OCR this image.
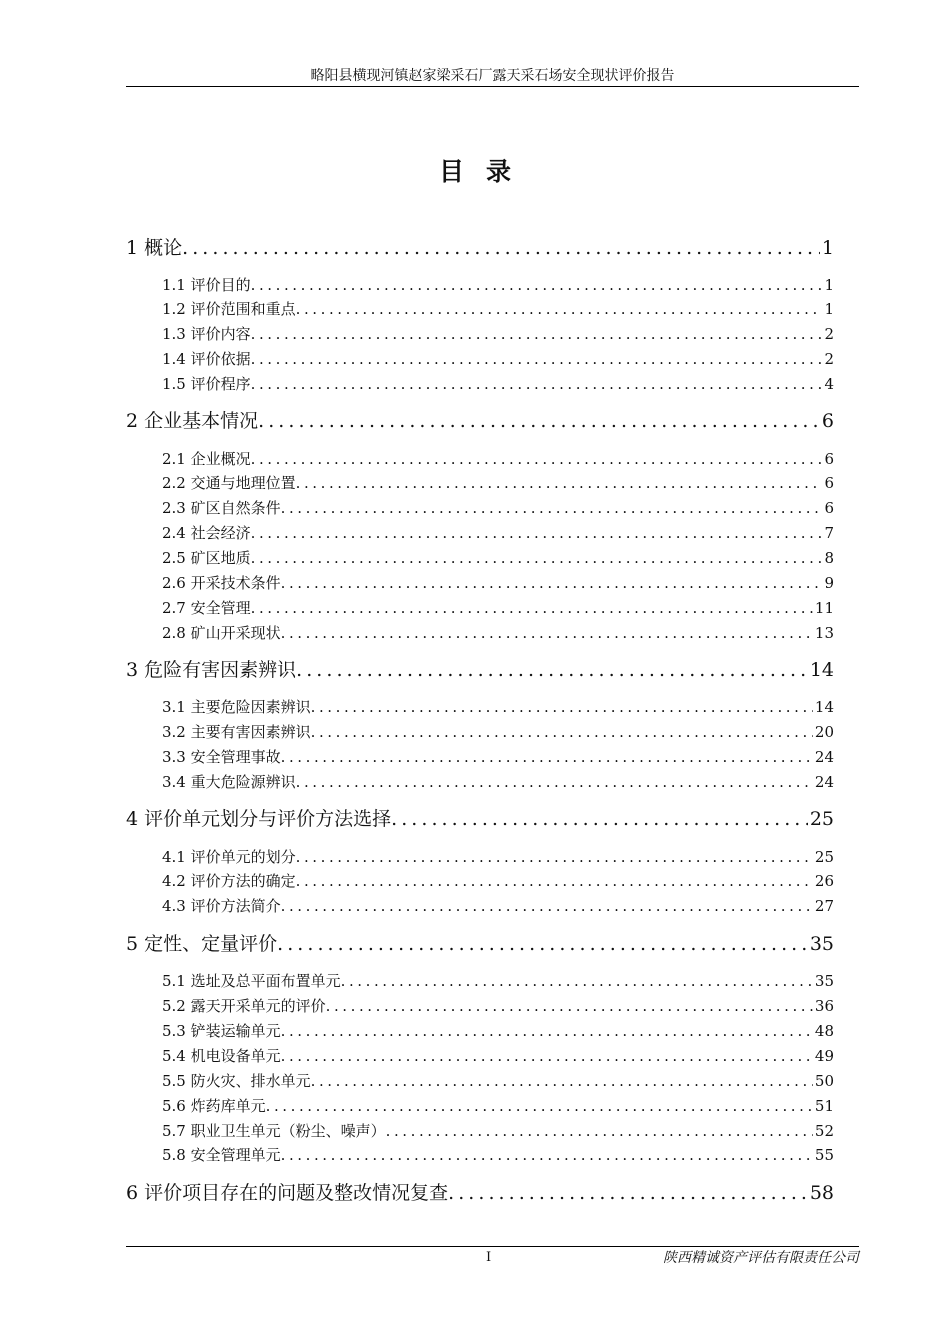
略阳县横现河镇赵家梁采石厂露天采石场安全现状评价报告
目录
1 概论 . . .	1
1.1 评价目的 . . .	1
1.2 评价范围和重点 . . .	1
1.3 评价内容 . . .	2
1.4 评价依据 . . .	2
1.5 评价程序 . . .	4
2 企业基本情况 . . .	6
2.1 企业概况 . . .	6
2.2 交通与地理位置 . . .	6
2.3 矿区自然条件 . . .	6
2.4 社会经济 . . .	7
2.5 矿区地质 . . .	8
2.6 开采技术条件 . . .	9
2.7 安全管理 . . .	11
2.8 矿山开采现状 . . .	13
3 危险有害因素辨识 . . .	14
3.1 主要危险因素辨识 . . .	14
3.2 主要有害因素辨识 . . .	20
3.3 安全管理事故 . . .	24
3.4 重大危险源辨识 . . .	24
4 评价单元划分与评价方法选择 . . .	25
4.1 评价单元的划分 . . .	25
4.2 评价方法的确定 . . .	26
4.3 评价方法简介 . . .	27
5 定性、定量评价 . . .	35
5.1 选址及总平面布置单元 . . .	35
5.2 露天开采单元的评价 . . .	36
5.3 铲装运输单元 . . .	48
5.4 机电设备单元 . . .	49
5.5 防火灾、排水单元 . . .	50
5.6 炸药库单元 . . .	51
5.7 职业卫生单元（粉尘、噪声） . . .	52
5.8 安全管理单元 . . .	55
6 评价项目存在的问题及整改情况复查 . . .	58
I	陕西精诚资产评估有限责任公司
